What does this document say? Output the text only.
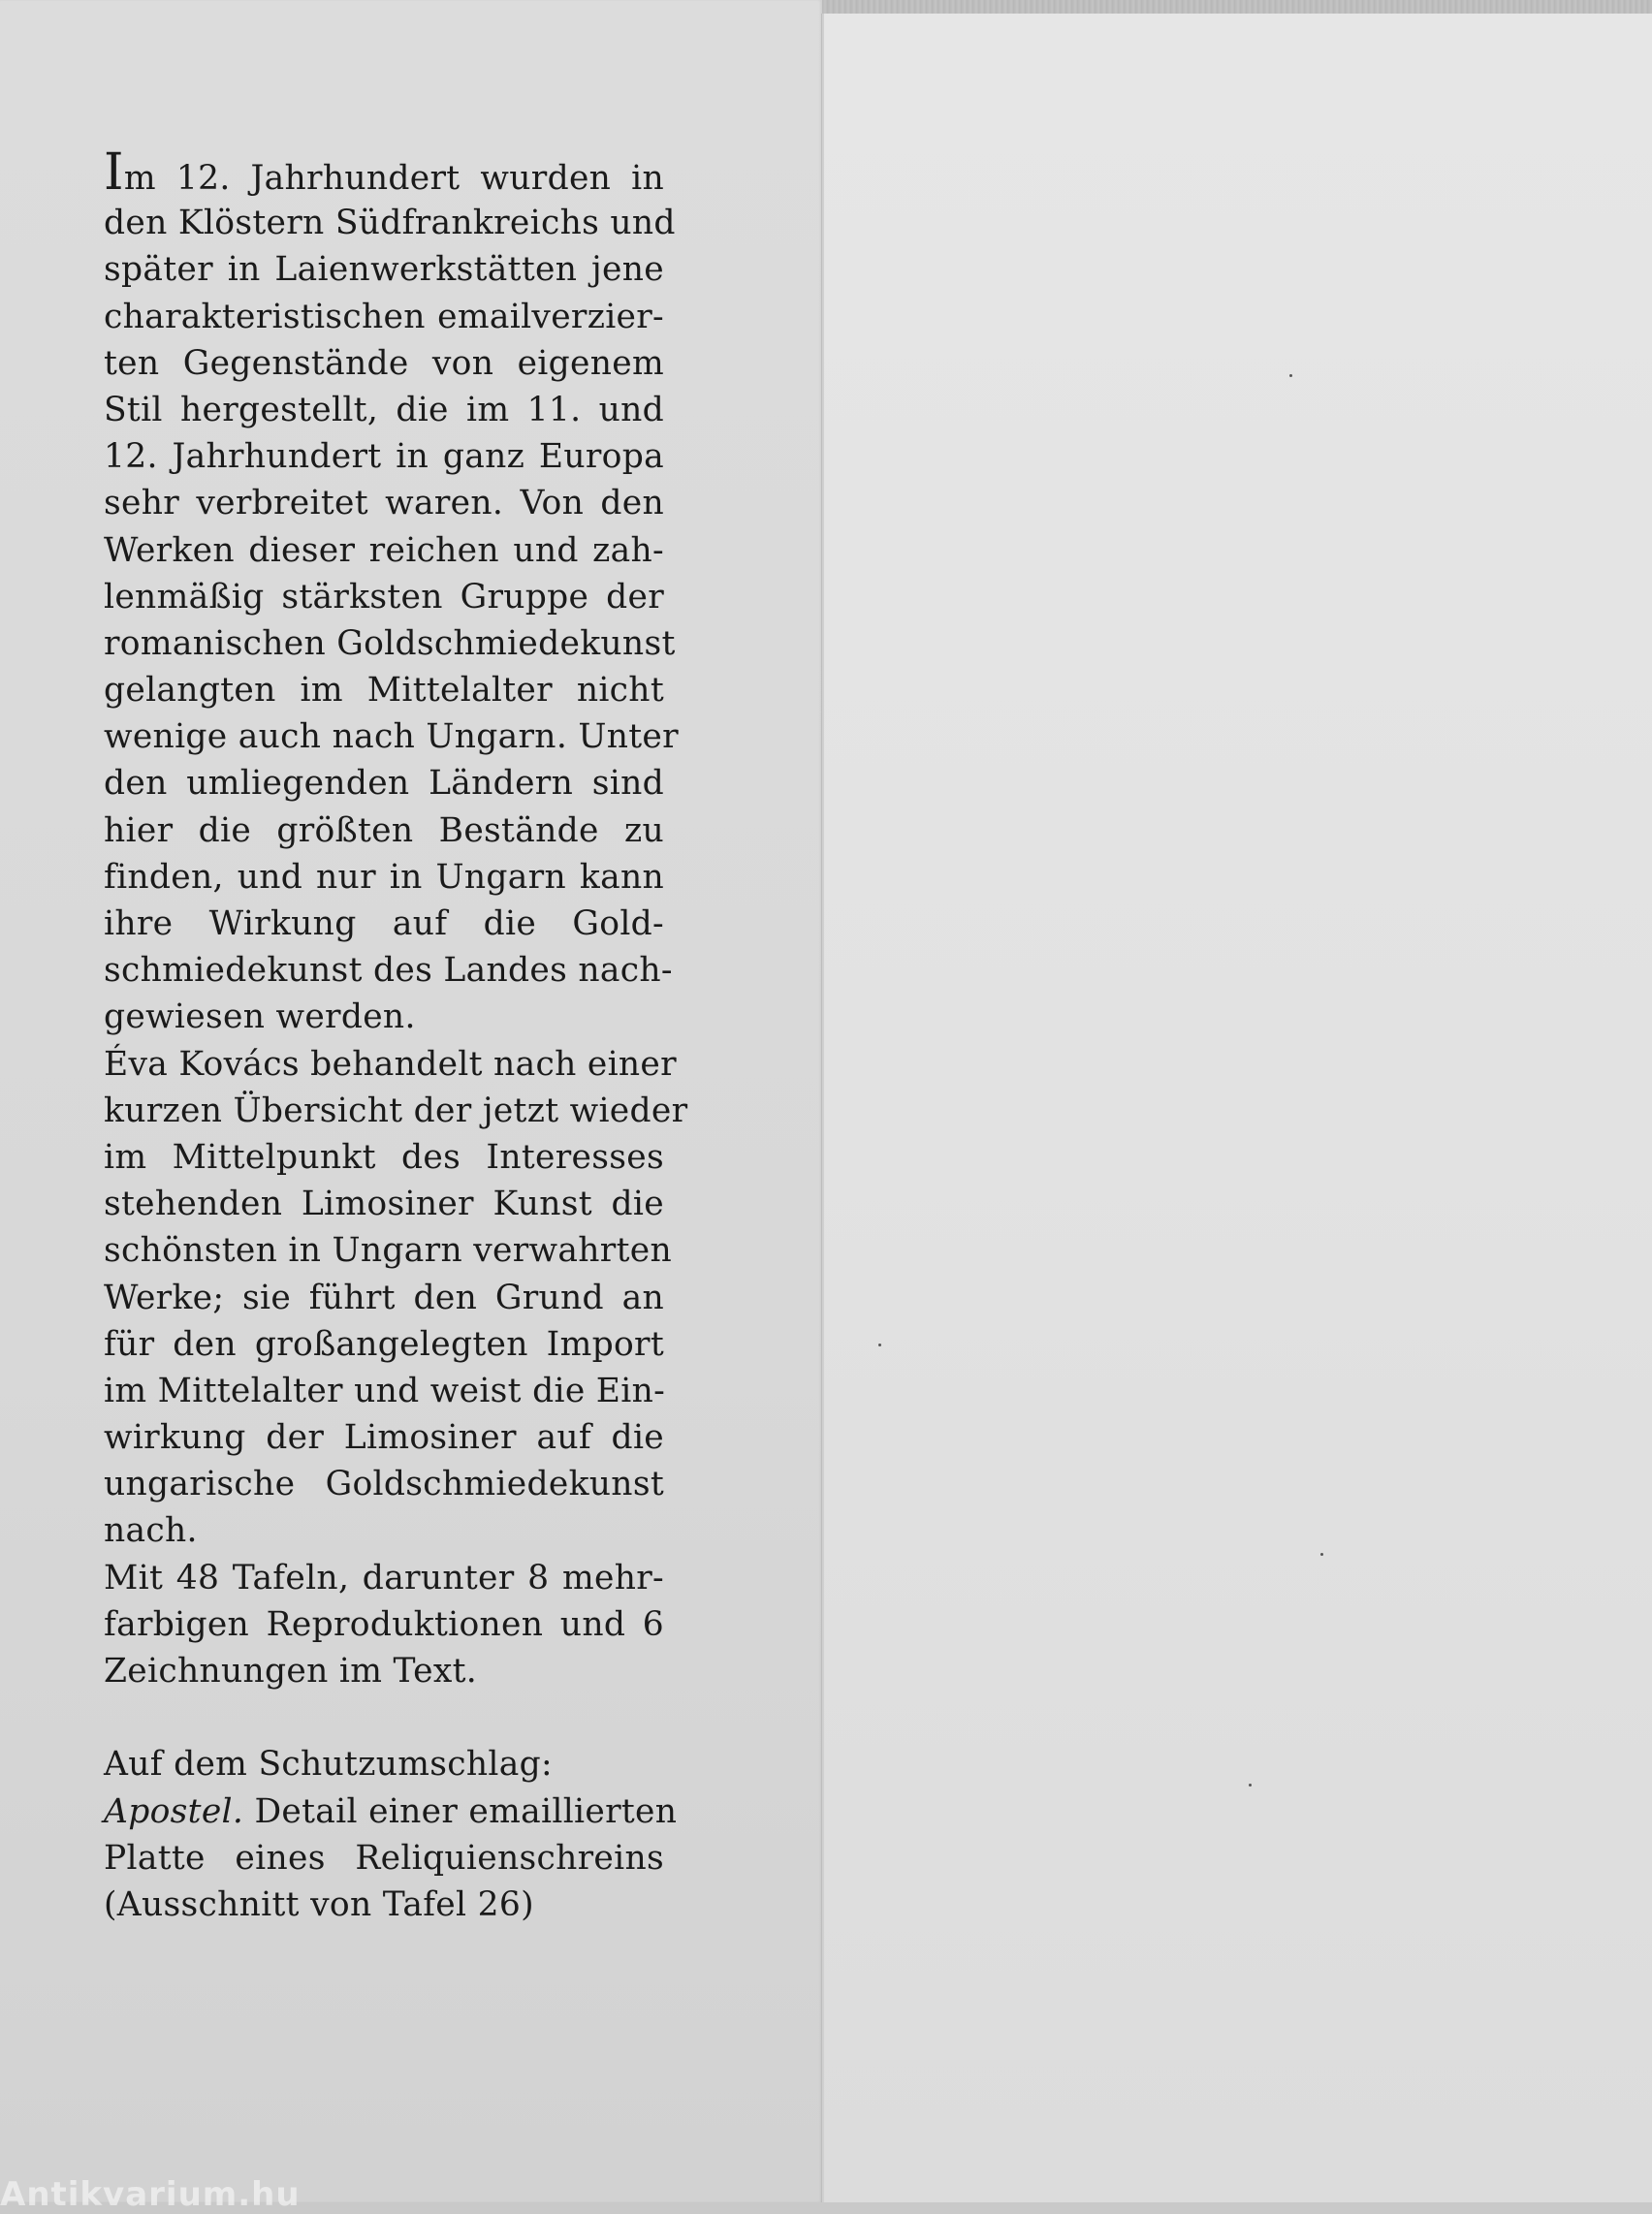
Im 12. Jahrhundert wurden in
den Klöstern Südfrankreichs und
später in Laienwerkstätten jene
charakteristischen emailverzier-
ten Gegenstände von eigenem
Stil hergestellt, die im 11. und
12. Jahrhundert in ganz Europa
sehr verbreitet waren. Von den
Werken dieser reichen und zah-
lenmäßig stärksten Gruppe der
romanischen Goldschmiedekunst
gelangten im Mittelalter nicht
wenige auch nach Ungarn. Unter
den umliegenden Ländern sind
hier die größten Bestände zu
finden, und nur in Ungarn kann
ihre Wirkung auf die Gold-
schmiedekunst des Landes nach-
gewiesen werden.
Éva Kovács behandelt nach einer
kurzen Übersicht der jetzt wieder
im Mittelpunkt des Interesses
stehenden Limosiner Kunst die
schönsten in Ungarn verwahrten
Werke; sie führt den Grund an
für den großangelegten Import
im Mittelalter und weist die Ein-
wirkung der Limosiner auf die
ungarische Goldschmiedekunst
nach.
Mit 48 Tafeln, darunter 8 mehr-
farbigen Reproduktionen und 6
Zeichnungen im Text.
Auf dem Schutzumschlag:
Apostel. Detail einer emaillierten
Platte eines Reliquienschreins
(Ausschnitt von Tafel 26)
Antikvarium.hu
